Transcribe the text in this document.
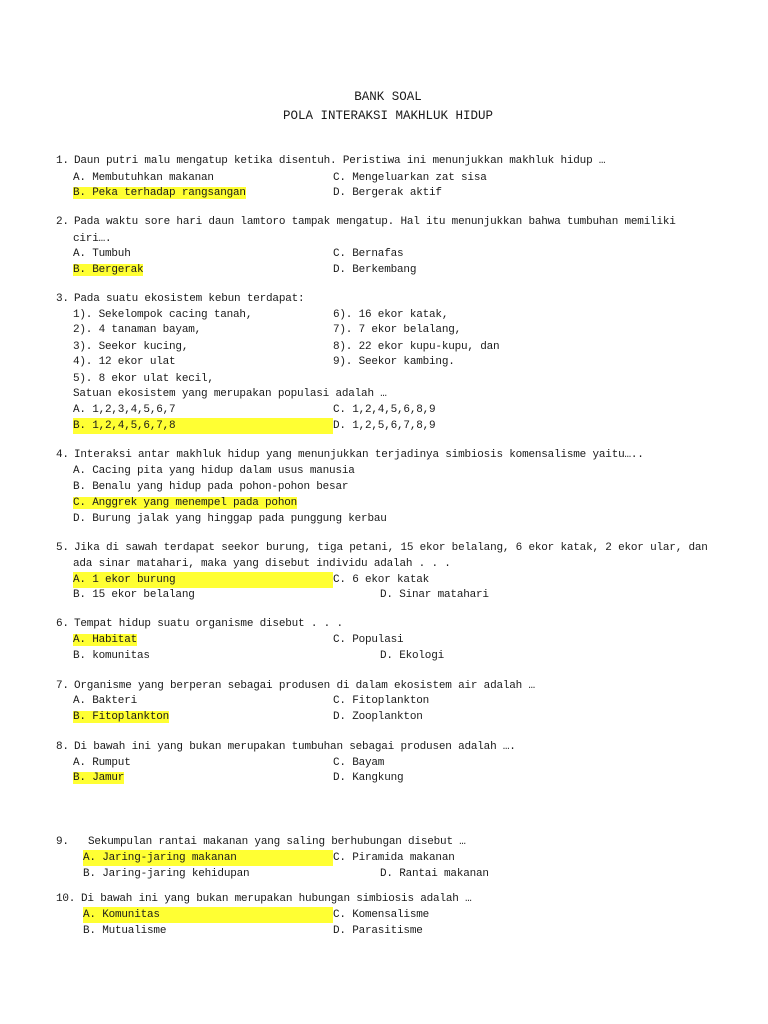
BANK SOAL
POLA INTERAKSI MAKHLUK HIDUP
1. Daun putri malu mengatup ketika disentuh. Peristiwa ini menunjukkan makhluk hidup …
A. Membutuhkan makanan	C. Mengeluarkan zat sisa
B. Peka terhadap rangsangan	D. Bergerak aktif
2. Pada waktu sore hari daun lamtoro tampak mengatup. Hal itu menunjukkan bahwa tumbuhan memiliki
ciri….
A. Tumbuh	C. Bernafas
B. Bergerak	D. Berkembang
3. Pada suatu ekosistem kebun terdapat:
1). Sekelompok cacing tanah,	6). 16 ekor katak,
2). 4 tanaman bayam,	7). 7 ekor belalang,
3). Seekor kucing,	8). 22 ekor kupu-kupu, dan
4). 12 ekor ulat	9). Seekor kambing.
5). 8 ekor ulat kecil,
Satuan ekosistem yang merupakan populasi adalah …
A. 1,2,3,4,5,6,7	C. 1,2,4,5,6,8,9
B. 1,2,4,5,6,7,8	D. 1,2,5,6,7,8,9
4. Interaksi antar makhluk hidup yang menunjukkan terjadinya simbiosis komensalisme yaitu…..
A. Cacing pita yang hidup dalam usus manusia
B. Benalu yang hidup pada pohon-pohon besar
C. Anggrek yang menempel pada pohon
D. Burung jalak yang hinggap pada punggung kerbau
5. Jika di sawah terdapat seekor burung, tiga petani, 15 ekor belalang, 6 ekor katak, 2 ekor ular, dan
ada sinar matahari, maka yang disebut individu adalah . . .
A. 1 ekor burung	C. 6 ekor katak
B. 15 ekor belalang	D. Sinar matahari
6. Tempat hidup suatu organisme disebut . . .
A. Habitat	C. Populasi
B. komunitas	D. Ekologi
7. Organisme yang berperan sebagai produsen di dalam ekosistem air adalah …
A. Bakteri	C. Fitoplankton
B. Fitoplankton	D. Zooplankton
8. Di bawah ini yang bukan merupakan tumbuhan sebagai produsen adalah ….
A. Rumput	C. Bayam
B. Jamur	D. Kangkung
9. Sekumpulan rantai makanan yang saling berhubungan disebut …
A. Jaring-jaring makanan	C. Piramida makanan
B. Jaring-jaring kehidupan	D. Rantai makanan
10. Di bawah ini yang bukan merupakan hubungan simbiosis adalah …
A. Komunitas	C. Komensalisme
B. Mutualisme	D. Parasitisme
